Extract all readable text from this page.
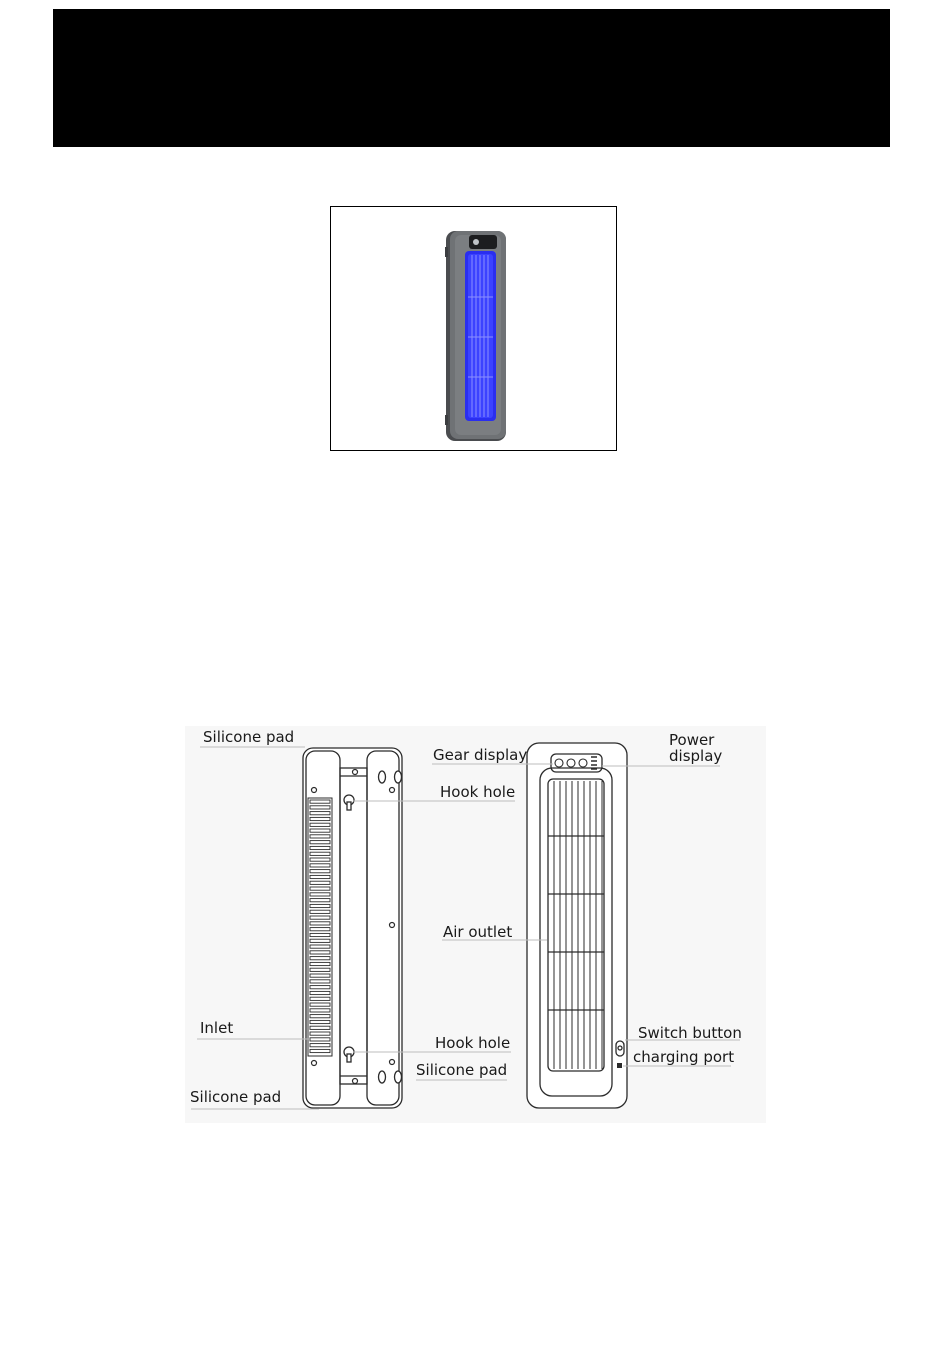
Silicone pad
Gear display
Power
display
Hook hole
Air outlet
Inlet
Hook hole
Silicone pad
Silicone pad
Switch button
charging port
